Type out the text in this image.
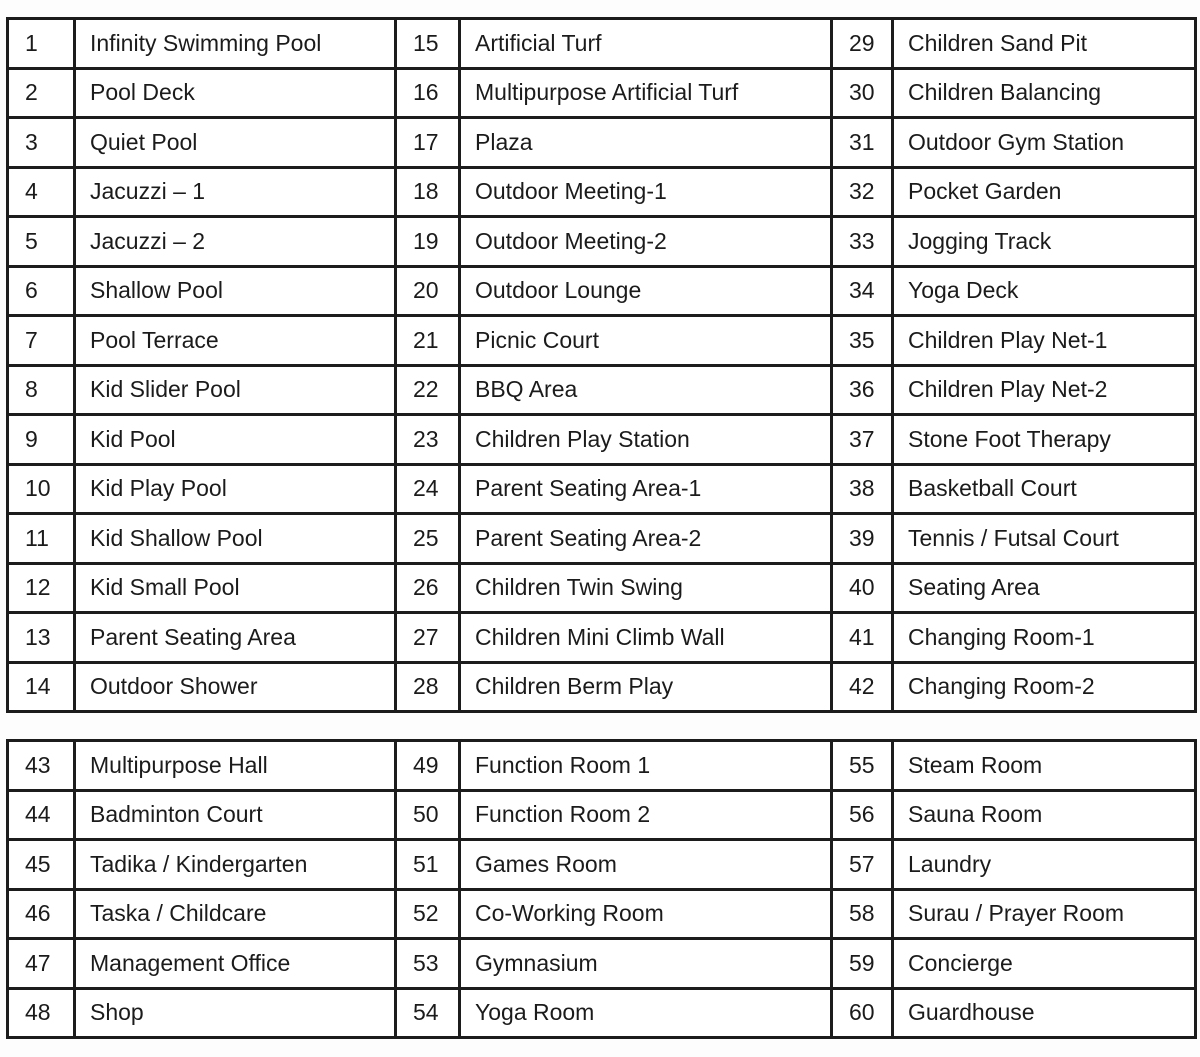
1	Infinity Swimming Pool	15	Artificial Turf	29	Children Sand Pit
2	Pool Deck	16	Multipurpose Artificial Turf	30	Children Balancing
3	Quiet Pool	17	Plaza	31	Outdoor Gym Station
4	Jacuzzi – 1	18	Outdoor Meeting-1	32	Pocket Garden
5	Jacuzzi – 2	19	Outdoor Meeting-2	33	Jogging Track
6	Shallow Pool	20	Outdoor Lounge	34	Yoga Deck
7	Pool Terrace	21	Picnic Court	35	Children Play Net-1
8	Kid Slider Pool	22	BBQ Area	36	Children Play Net-2
9	Kid Pool	23	Children Play Station	37	Stone Foot Therapy
10	Kid Play Pool	24	Parent Seating Area-1	38	Basketball Court
11	Kid Shallow Pool	25	Parent Seating Area-2	39	Tennis / Futsal Court
12	Kid Small Pool	26	Children Twin Swing	40	Seating Area
13	Parent Seating Area	27	Children Mini Climb Wall	41	Changing Room-1
14	Outdoor Shower	28	Children Berm Play	42	Changing Room-2
43	Multipurpose Hall	49	Function Room 1	55	Steam Room
44	Badminton Court	50	Function Room 2	56	Sauna Room
45	Tadika / Kindergarten	51	Games Room	57	Laundry
46	Taska / Childcare	52	Co-Working Room	58	Surau / Prayer Room
47	Management Office	53	Gymnasium	59	Concierge
48	Shop	54	Yoga Room	60	Guardhouse
